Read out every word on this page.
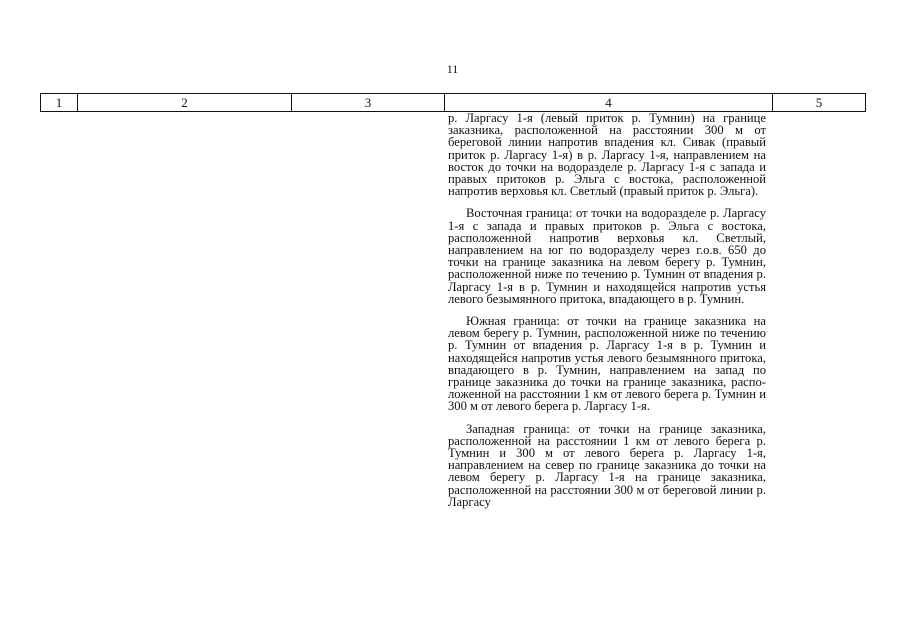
11
1	2	3	4	5

р. Ларгасу 1-я (левый приток р. Тумнин) на границе заказника, расположенной на расстоянии 300 м от береговой линии напротив впадения кл. Сивак (правый приток р. Ларгасу 1-я) в р. Ларгасу 1-я, направлением на восток до точки на водоразделе р. Ларгасу 1-я с запада и правых притоков р. Эльга с востока, расположенной напротив верховья кл. Светлый (правый приток р. Эльга).

Восточная граница: от точки на водоразделе р. Ларгасу 1-я с запада и правых притоков р. Эльга с востока, расположенной напротив верховья кл. Светлый, направлением на юг по водоразделу через г.о.в. 650 до точки на границе заказника на левом берегу р. Тумнин, расположенной ниже по течению р. Тумнин от впадения р. Ларгасу 1-я в р. Тумнин и находящейся напротив устья левого безымянного притока, впадающего в р. Тумнин.

Южная граница: от точки на границе заказника на левом берегу р. Тумнин, расположенной ниже по течению р. Тумнин от впадения р. Ларгасу 1-я в р. Тумнин и находящейся напротив устья левого безымянного притока, впадающего в р. Тумнин, направлением на запад по границе заказника до точки на границе заказника, расположенной на расстоянии 1 км от левого берега р. Тумнин и 300 м от левого берега р. Ларгасу 1-я.

Западная граница: от точки на границе заказника, расположенной на расстоянии 1 км от левого берега р. Тумнин и 300 м от левого берега р. Ларгасу 1-я, направлением на север по границе заказника до точки на левом берегу р. Ларгасу 1-я на границе заказника, расположенной на расстоянии 300 м от береговой линии р. Ларгасу
